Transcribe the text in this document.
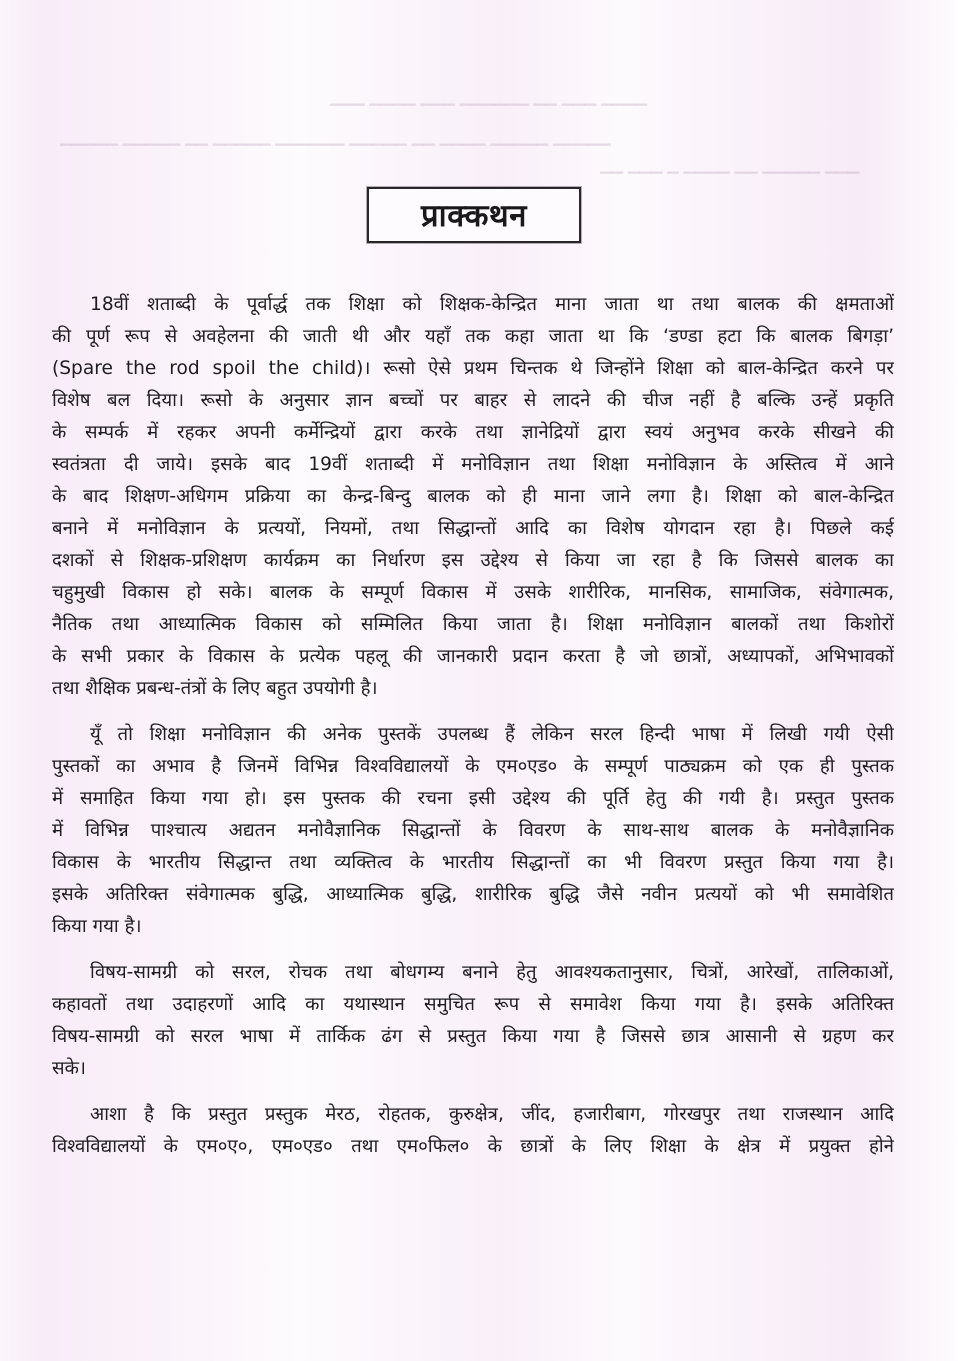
▁▁▁ ▁▁▁▁ ▁▁▁ ▁▁▁▁▁▁ ▁▁ ▁▁▁ ▁▁▁▁
▁▁▁▁▁ ▁▁▁▁▁ ▁▁ ▁▁▁▁▁ ▁▁▁▁▁▁ ▁▁▁▁▁ ▁▁ ▁▁▁▁ ▁▁▁▁▁ ▁▁▁▁▁
▁▁ ▁▁▁ ▁ ▁▁▁▁ ▁▁ ▁▁▁▁▁ ▁▁▁
प्राक्कथन
18वीं शताब्दी के पूर्वार्द्ध तक शिक्षा को शिक्षक-केन्द्रित माना जाता था तथा बालक की क्षमताओं
की पूर्ण रूप से अवहेलना की जाती थी और यहाँ तक कहा जाता था कि ‘डण्डा हटा कि बालक बिगड़ा’
(Spare the rod spoil the child)। रूसो ऐसे प्रथम चिन्तक थे जिन्होंने शिक्षा को बाल-केन्द्रित करने पर
विशेष बल दिया। रूसो के अनुसार ज्ञान बच्चों पर बाहर से लादने की चीज नहीं है बल्कि उन्हें प्रकृति
के सम्पर्क में रहकर अपनी कर्मेन्द्रियों द्वारा करके तथा ज्ञानेद्रियों द्वारा स्वयं अनुभव करके सीखने की
स्वतंत्रता दी जाये। इसके बाद 19वीं शताब्दी में मनोविज्ञान तथा शिक्षा मनोविज्ञान के अस्तित्व में आने
के बाद शिक्षण-अधिगम प्रक्रिया का केन्द्र-बिन्दु बालक को ही माना जाने लगा है। शिक्षा को बाल-केन्द्रित
बनाने में मनोविज्ञान के प्रत्ययों, नियमों, तथा सिद्धान्तों आदि का विशेष योगदान रहा है। पिछले कई
दशकों से शिक्षक-प्रशिक्षण कार्यक्रम का निर्धारण इस उद्देश्य से किया जा रहा है कि जिससे बालक का
चहुमुखी विकास हो सके। बालक के सम्पूर्ण विकास में उसके शारीरिक, मानसिक, सामाजिक, संवेगात्मक,
नैतिक तथा आध्यात्मिक विकास को सम्मिलित किया जाता है। शिक्षा मनोविज्ञान बालकों तथा किशोरों
के सभी प्रकार के विकास के प्रत्येक पहलू की जानकारी प्रदान करता है जो छात्रों, अध्यापकों, अभिभावकों
तथा शैक्षिक प्रबन्ध-तंत्रों के लिए बहुत उपयोगी है।
यूँ तो शिक्षा मनोविज्ञान की अनेक पुस्तकें उपलब्ध हैं लेकिन सरल हिन्दी भाषा में लिखी गयी ऐसी
पुस्तकों का अभाव है जिनमें विभिन्न विश्वविद्यालयों के एम०एड० के सम्पूर्ण पाठ्यक्रम को एक ही पुस्तक
में समाहित किया गया हो। इस पुस्तक की रचना इसी उद्देश्य की पूर्ति हेतु की गयी है। प्रस्तुत पुस्तक
में विभिन्न पाश्चात्य अद्यतन मनोवैज्ञानिक सिद्धान्तों के विवरण के साथ-साथ बालक के मनोवैज्ञानिक
विकास के भारतीय सिद्धान्त तथा व्यक्तित्व के भारतीय सिद्धान्तों का भी विवरण प्रस्तुत किया गया है।
इसके अतिरिक्त संवेगात्मक बुद्धि, आध्यात्मिक बुद्धि, शारीरिक बुद्धि जैसे नवीन प्रत्ययों को भी समावेशित
किया गया है।
विषय-सामग्री को सरल, रोचक तथा बोधगम्य बनाने हेतु आवश्यकतानुसार, चित्रों, आरेखों, तालिकाओं,
कहावतों तथा उदाहरणों आदि का यथास्थान समुचित रूप से समावेश किया गया है। इसके अतिरिक्त
विषय-सामग्री को सरल भाषा में तार्किक ढंग से प्रस्तुत किया गया है जिससे छात्र आसानी से ग्रहण कर
सके।
आशा है कि प्रस्तुत प्रस्तुक मेरठ, रोहतक, कुरुक्षेत्र, जींद, हजारीबाग, गोरखपुर तथा राजस्थान आदि
विश्वविद्यालयों के एम०ए०, एम०एड० तथा एम०फिल० के छात्रों के लिए शिक्षा के क्षेत्र में प्रयुक्त होने
